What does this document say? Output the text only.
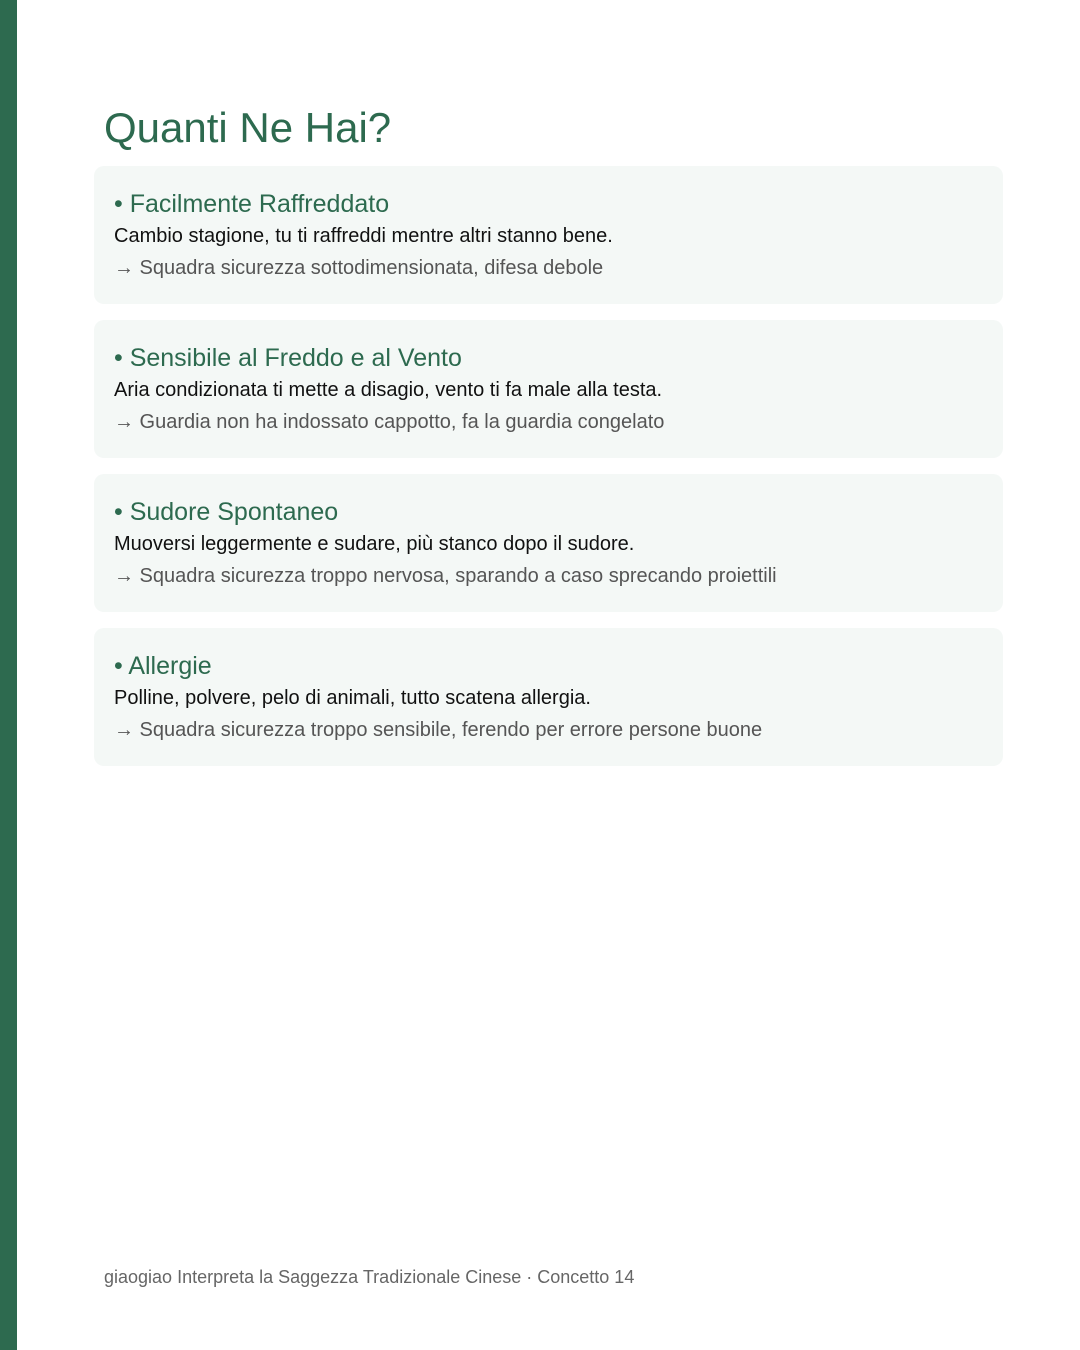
Quanti Ne Hai?
• Facilmente Raffreddato
Cambio stagione, tu ti raffreddi mentre altri stanno bene.
→ Squadra sicurezza sottodimensionata, difesa debole
• Sensibile al Freddo e al Vento
Aria condizionata ti mette a disagio, vento ti fa male alla testa.
→ Guardia non ha indossato cappotto, fa la guardia congelato
• Sudore Spontaneo
Muoversi leggermente e sudare, più stanco dopo il sudore.
→ Squadra sicurezza troppo nervosa, sparando a caso sprecando proiettili
• Allergie
Polline, polvere, pelo di animali, tutto scatena allergia.
→ Squadra sicurezza troppo sensibile, ferendo per errore persone buone
giaogiao Interpreta la Saggezza Tradizionale Cinese · Concetto 14
